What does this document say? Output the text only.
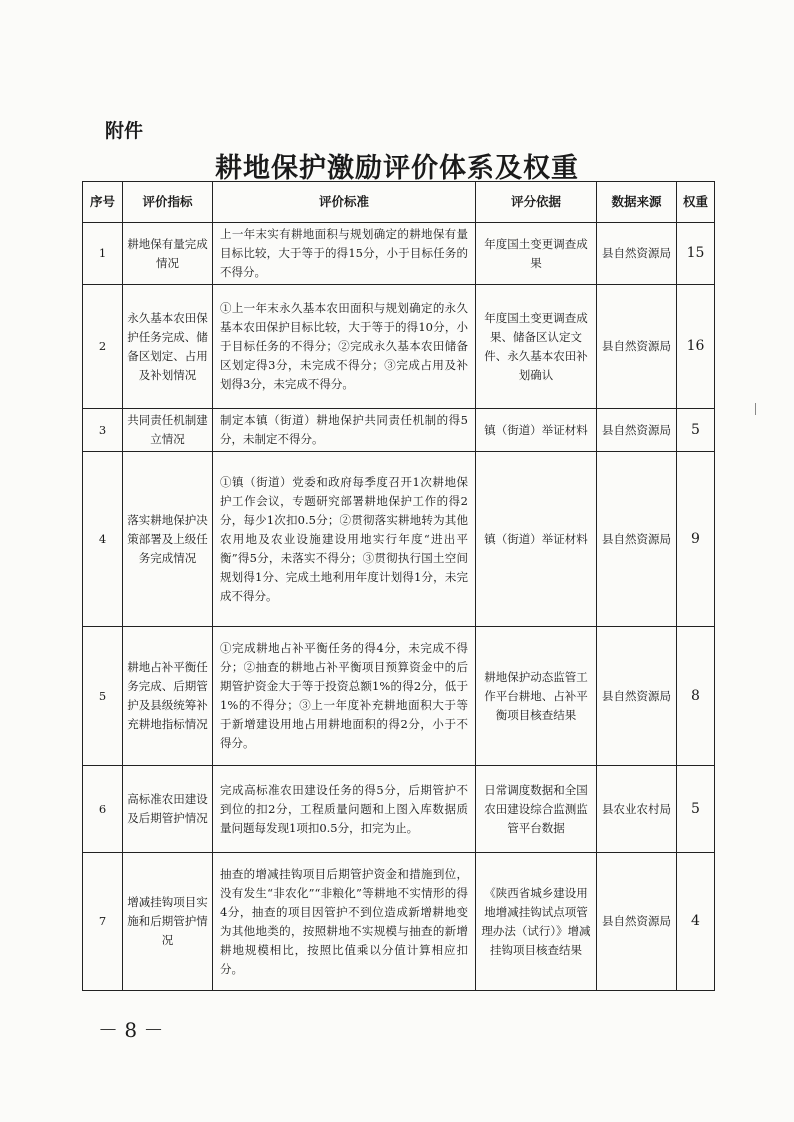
附件
耕地保护激励评价体系及权重
序号	评价指标	评价标准	评分依据	数据来源	权重
1	耕地保有量完成情况	上一年末实有耕地面积与规划确定的耕地保有量目标比较，大于等于的得15分，小于目标任务的不得分。	年度国土变更调查成果	县自然资源局	15
2	永久基本农田保护任务完成、储备区划定、占用及补划情况	①上一年末永久基本农田面积与规划确定的永久基本农田保护目标比较，大于等于的得10分，小于目标任务的不得分；②完成永久基本农田储备区划定得3分，未完成不得分；③完成占用及补划得3分，未完成不得分。	年度国土变更调查成果、储备区认定文件、永久基本农田补划确认	县自然资源局	16
3	共同责任机制建立情况	制定本镇（街道）耕地保护共同责任机制的得5分，未制定不得分。	镇（街道）举证材料	县自然资源局	5
4	落实耕地保护决策部署及上级任务完成情况	①镇（街道）党委和政府每季度召开1次耕地保护工作会议，专题研究部署耕地保护工作的得2分，每少1次扣0.5分；②贯彻落实耕地转为其他农用地及农业设施建设用地实行年度“进出平衡”得5分，未落实不得分；③贯彻执行国土空间规划得1分、完成土地利用年度计划得1分，未完成不得分。	镇（街道）举证材料	县自然资源局	9
5	耕地占补平衡任务完成、后期管护及县级统筹补充耕地指标情况	①完成耕地占补平衡任务的得4分，未完成不得分；②抽查的耕地占补平衡项目预算资金中的后期管护资金大于等于投资总额1%的得2分，低于1%的不得分；③上一年度补充耕地面积大于等于新增建设用地占用耕地面积的得2分，小于不得分。	耕地保护动态监管工作平台耕地、占补平衡项目核查结果	县自然资源局	8
6	高标准农田建设及后期管护情况	完成高标准农田建设任务的得5分，后期管护不到位的扣2分，工程质量问题和上图入库数据质量问题每发现1项扣0.5分，扣完为止。	日常调度数据和全国农田建设综合监测监管平台数据	县农业农村局	5
7	增减挂钩项目实施和后期管护情况	抽查的增减挂钩项目后期管护资金和措施到位，没有发生“非农化”“非粮化”等耕地不实情形的得4分，抽查的项目因管护不到位造成新增耕地变为其他地类的，按照耕地不实规模与抽查的新增耕地规模相比，按照比值乘以分值计算相应扣分。	《陕西省城乡建设用地增减挂钩试点项管理办法（试行）》增减挂钩项目核查结果	县自然资源局	4
－ 8 －
